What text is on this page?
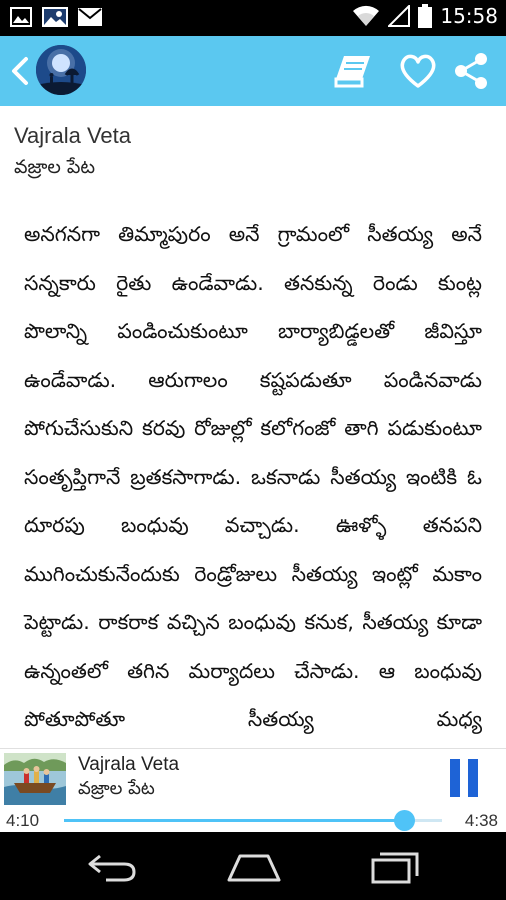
15:58
Vajrala Veta
వజ్రాల పేట

అనగనగా తిమ్మాపురం అనే గ్రామంలో సీతయ్య అనే సన్నకారు రైతు ఉండేవాడు. తనకున్న రెండు కుంట్ల పొలాన్ని పండించుకుంటూ బార్యాబిడ్డలతో జీవిస్తూ ఉండేవాడు. ఆరుగాలం కష్టపడుతూ పండినవాడు పోగుచేసుకుని కరవు రోజుల్లో కలోగంజో తాగి పడుకుంటూ సంతృప్తిగానే బ్రతకసాగాడు. ఒకనాడు సీతయ్య ఇంటికి ఓ దూరపు బంధువు వచ్చాడు. ఊళ్ళో తనపని ముగించుకునేందుకు రెండ్రోజులు సీతయ్య ఇంట్లో మకాం పెట్టాడు. రాకరాక వచ్చిన బంధువు కనుక, సీతయ్య కూడా ఉన్నంతలో తగిన మర్యాదలు చేసాడు. ఆ బంధువు పోతూపోతూ సీతయ్య మధ్య

Vajrala Veta
వజ్రాల పేట
4:10	4:38
